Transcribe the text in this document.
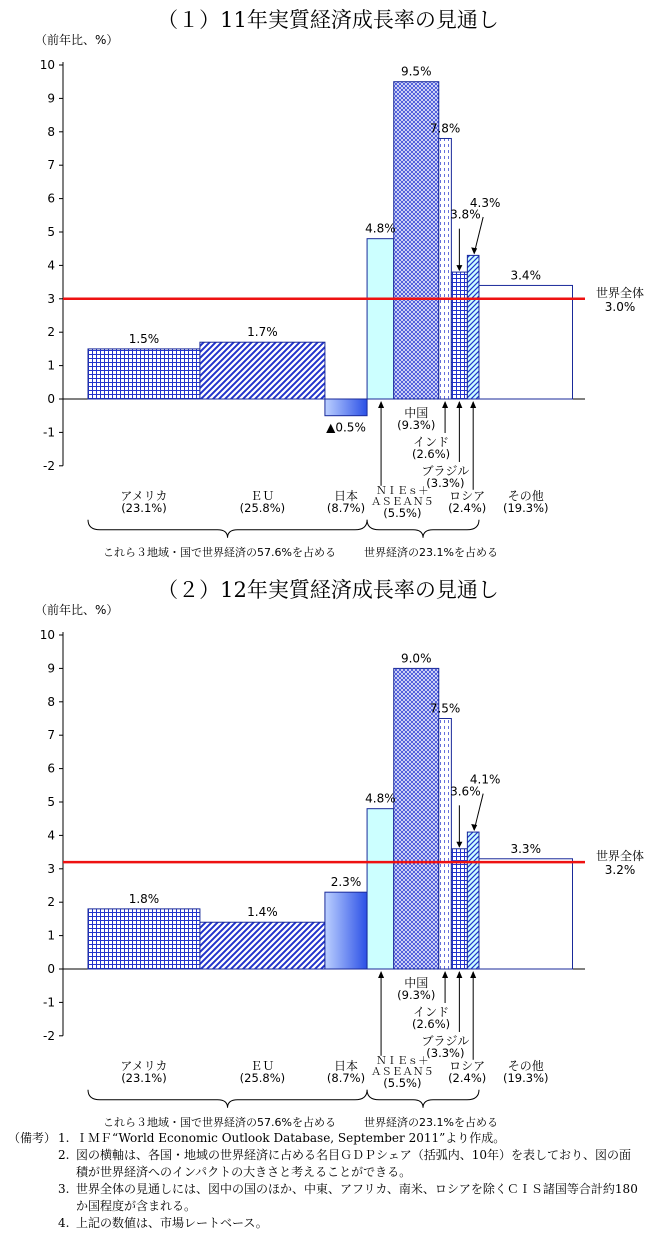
（１）11年実質経済成長率の見通し
（前年比、%）
10
9
8
7
6
5
4
3
2
1
0
-1
-2
1.5%	1.7%
▲0.5%
4.8%
9.5%
7.8%
3.8%
4.3%
3.4%
世界全体
3.0%
アメリカ
(23.1%)
ＥＵ
(25.8%)
日本
(8.7%)
その他
(19.3%)
ＮＩＥｓ＋
ＡＳＥＡＮ５
(5.5%)
ロシア
(2.4%)
中国
(9.3%)
インド
(2.6%)
ブラジル
(3.3%)
これら３地域・国で世界経済の57.6%を占める	世界経済の23.1%を占める
（２）12年実質経済成長率の見通し
（前年比、%）
10
9
8
7
6
5
4
3
2
1
0
-1
-2
1.8%
1.4%
2.3%
4.8%
9.0%
7.5%
3.6%
4.1%
3.3%
世界全体
3.2%
アメリカ
(23.1%)
ＥＵ
(25.8%)
日本
(8.7%)
その他
(19.3%)
ＮＩＥｓ＋
ＡＳＥＡＮ５
(5.5%)
ロシア
(2.4%)
中国
(9.3%)
インド
(2.6%)
ブラジル
(3.3%)
これら３地域・国で世界経済の57.6%を占める	世界経済の23.1%を占める
（備考） 1. ＩＭＦ“World Economic Outlook Database, September 2011”より作成。
2. 図の横軸は、各国・地域の世界経済に占める名目ＧＤＰシェア（括弧内、10年）を表しており、図の面積が世界経済へのインパクトの大きさと考えることができる。
3. 世界全体の見通しには、図中の国のほか、中東、アフリカ、南米、ロシアを除くＣＩＳ諸国等合計約180か国程度が含まれる。
4. 上記の数値は、市場レートベース。
